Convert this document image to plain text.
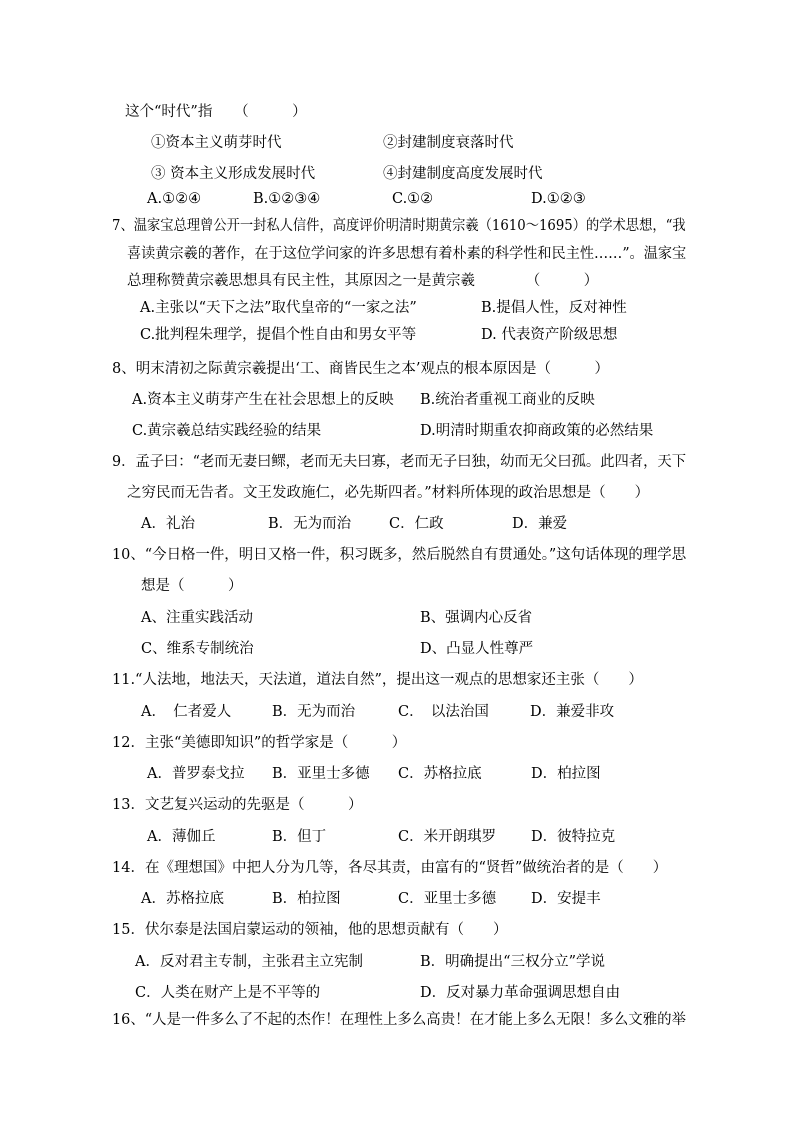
这个“时代”指　　（　　　）
①资本主义萌芽时代	②封建制度衰落时代
③ 资本主义形成发展时代	④封建制度高度发展时代
A.①②④	B.①②③④	C.①②	D.①②③
7、温家宝总理曾公开一封私人信件，高度评价明清时期黄宗羲（1610～1695）的学术思想，“我
喜读黄宗羲的著作，在于这位学问家的许多思想有着朴素的科学性和民主性……”。温家宝
总理称赞黄宗羲思想具有民主性，其原因之一是黄宗羲　　　　（　　　）
A.主张以“天下之法”取代皇帝的“一家之法”	B.提倡人性，反对神性
C.批判程朱理学，提倡个性自由和男女平等	D. 代表资产阶级思想
8、明末清初之际黄宗羲提出‘工、商皆民生之本’观点的根本原因是（　　　）
A.资本主义萌芽产生在社会思想上的反映 B.统治者重视工商业的反映
C.黄宗羲总结实践经验的结果	D.明清时期重农抑商政策的必然结果
9．孟子曰：“老而无妻曰鳏，老而无夫曰寡，老而无子曰独，幼而无父曰孤。此四者，天下
之穷民而无告者。文王发政施仁，必先斯四者。”材料所体现的政治思想是（　　）
A．礼治	B．无为而治	C．仁政	D．兼爱
10、“今日格一件，明日又格一件，积习既多，然后脱然自有贯通处。”这句话体现的理学思
想是（　　　）
A、注重实践活动	B、强调内心反省
C、维系专制统治	D、凸显人性尊严
11.“人法地，地法天，天法道，道法自然”，提出这一观点的思想家还主张（　　）
A．　仁者爱人	B．无为而治	C．　以法治国	D．兼爱非攻
12．主张“美德即知识”的哲学家是（　　　）
A．普罗泰戈拉 B．亚里士多德 C．苏格拉底	D．柏拉图
13．文艺复兴运动的先驱是（　　　）
A．薄伽丘	B．但丁	C．米开朗琪罗 D．彼特拉克
14．在《理想国》中把人分为几等，各尽其责，由富有的“贤哲”做统治者的是（　　）
A．苏格拉底	B．柏拉图	C．亚里士多德 D．安提丰
15．伏尔泰是法国启蒙运动的领袖，他的思想贡献有（　　）
A．反对君主专制，主张君主立宪制	B．明确提出“三权分立”学说
C．人类在财产上是不平等的	D．反对暴力革命强调思想自由
16、“人是一件多么了不起的杰作！在理性上多么高贵！在才能上多么无限！多么文雅的举
